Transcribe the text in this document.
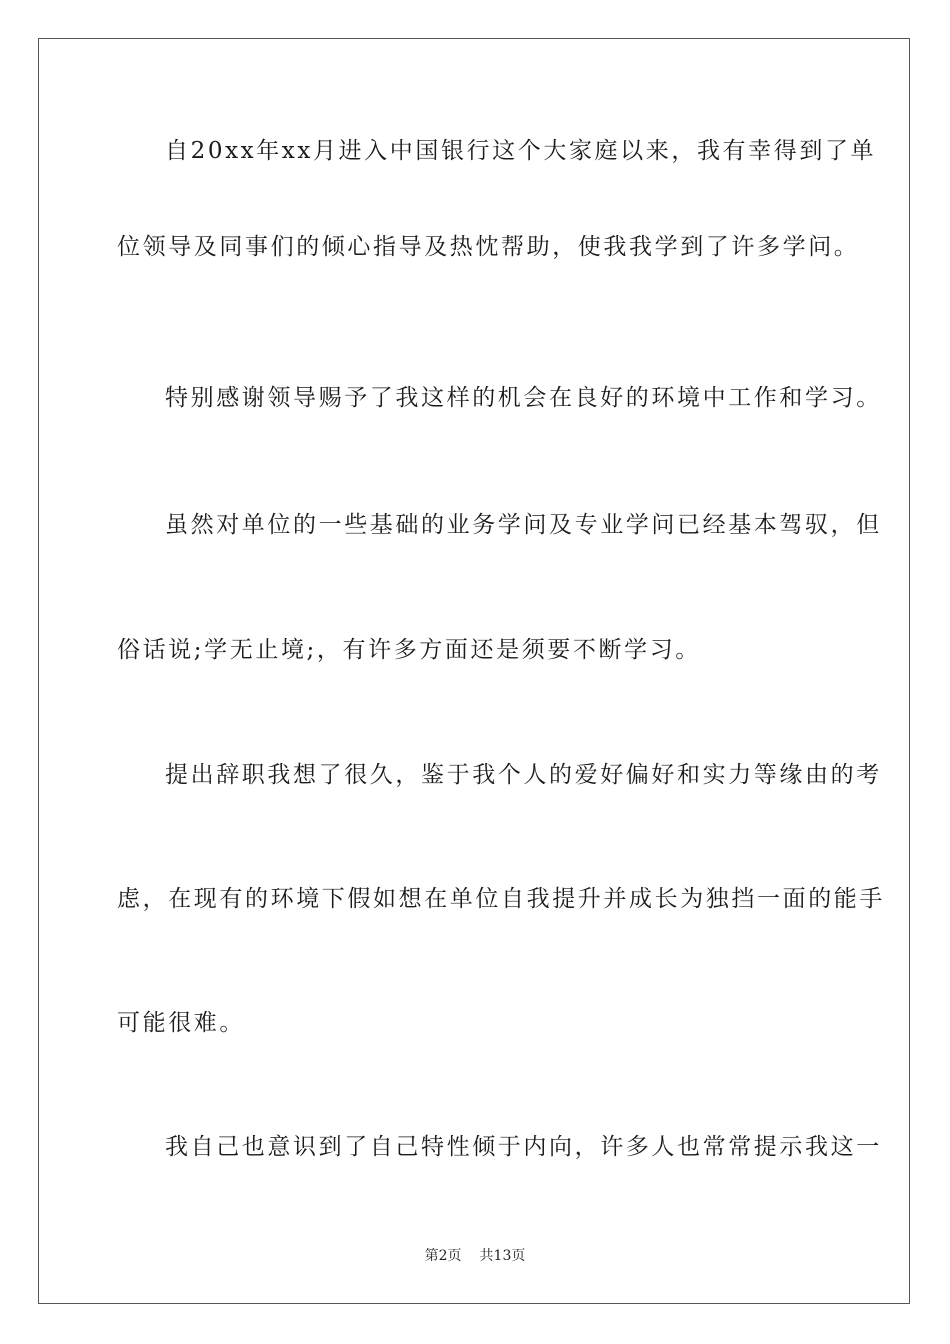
自20xx年xx月进入中国银行这个大家庭以来，我有幸得到了单

位领导及同事们的倾心指导及热忱帮助，使我我学到了许多学问。

特别感谢领导赐予了我这样的机会在良好的环境中工作和学习。

虽然对单位的一些基础的业务学问及专业学问已经基本驾驭，但

俗话说;学无止境;，有许多方面还是须要不断学习。

提出辞职我想了很久，鉴于我个人的爱好偏好和实力等缘由的考

虑，在现有的环境下假如想在单位自我提升并成长为独挡一面的能手

可能很难。

我自己也意识到了自己特性倾于内向，许多人也常常提示我这一

第2页 共13页
